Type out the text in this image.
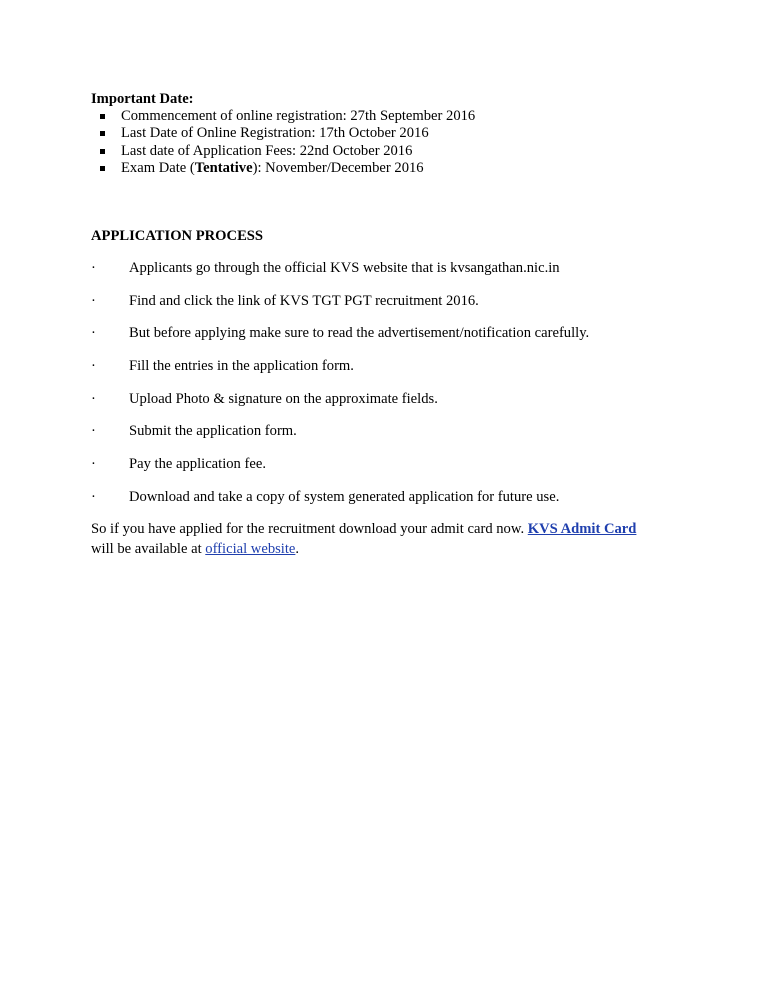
Important Date:
Commencement of online registration: 27th September 2016
Last Date of Online Registration: 17th October 2016
Last date of Application Fees: 22nd October 2016
Exam Date (Tentative): November/December 2016
APPLICATION PROCESS
·	Applicants go through the official KVS website that is kvsangathan.nic.in
·	Find and click the link of KVS TGT PGT recruitment 2016.
·	But before applying make sure to read the advertisement/notification carefully.
·	Fill the entries in the application form.
·	Upload Photo & signature on the approximate fields.
·	Submit the application form.
·	Pay the application fee.
·	Download and take a copy of system generated application for future use.

So if you have applied for the recruitment download your admit card now. KVS Admit Card

will be available at official website.
